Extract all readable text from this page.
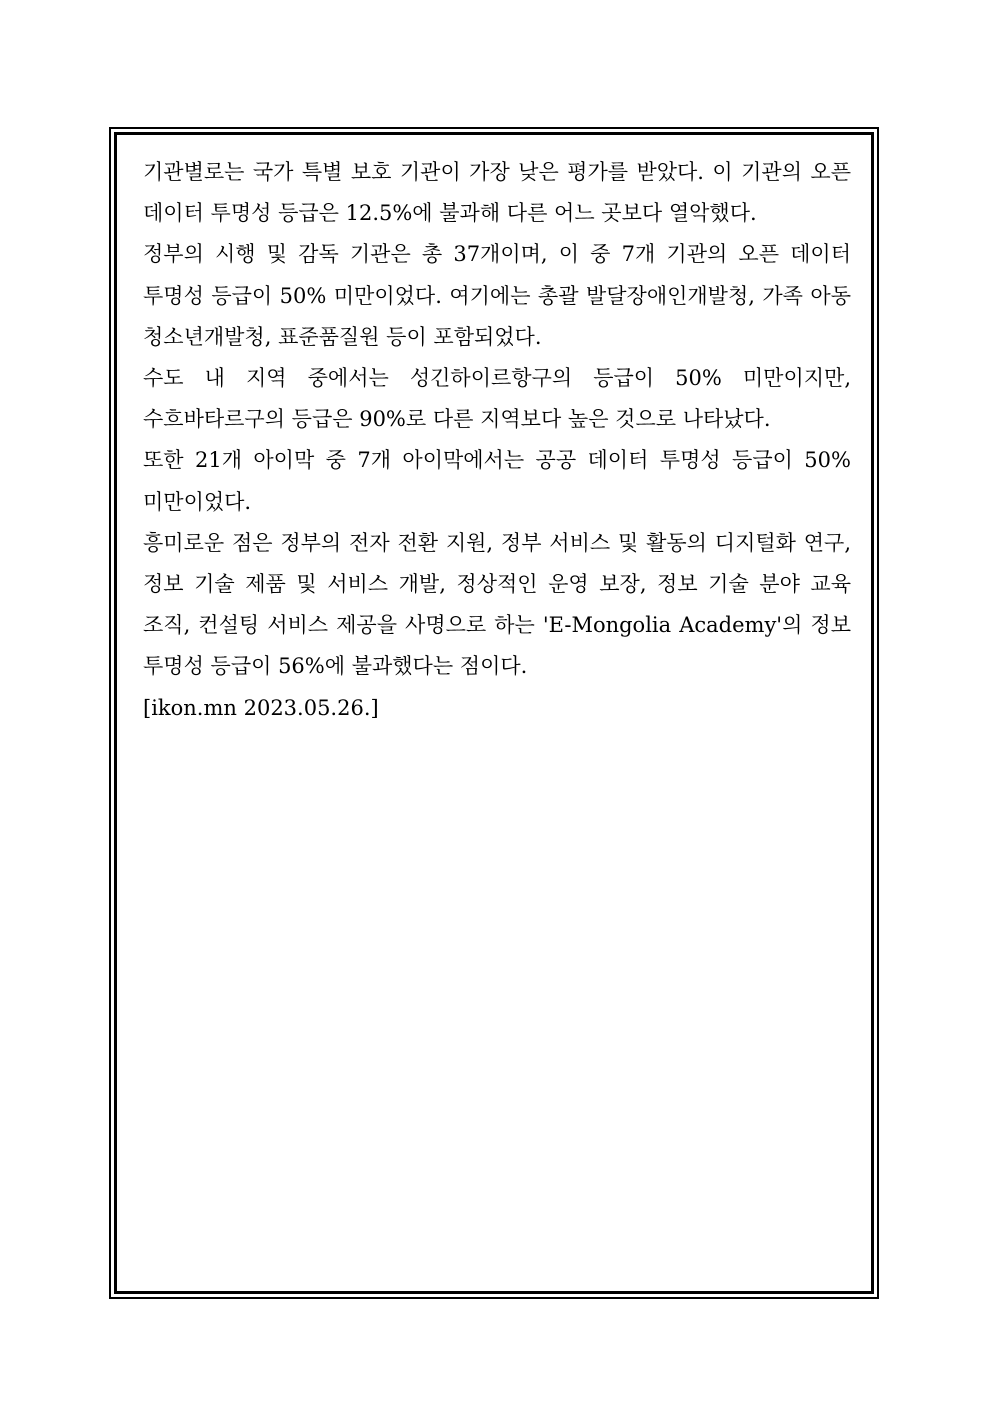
기관별로는 국가 특별 보호 기관이 가장 낮은 평가를 받았다. 이 기관의 오픈 데이터 투명성 등급은 12.5%에 불과해 다른 어느 곳보다 열악했다.

정부의 시행 및 감독 기관은 총 37개이며, 이 중 7개 기관의 오픈 데이터 투명성 등급이 50% 미만이었다. 여기에는 총괄 발달장애인개발청, 가족 아동 청소년개발청, 표준품질원 등이 포함되었다.

수도 내 지역 중에서는 성긴하이르항구의 등급이 50% 미만이지만, 수흐바타르구의 등급은 90%로 다른 지역보다 높은 것으로 나타났다.

또한 21개 아이막 중 7개 아이막에서는 공공 데이터 투명성 등급이 50% 미만이었다.

흥미로운 점은 정부의 전자 전환 지원, 정부 서비스 및 활동의 디지털화 연구, 정보 기술 제품 및 서비스 개발, 정상적인 운영 보장, 정보 기술 분야 교육 조직, 컨설팅 서비스 제공을 사명으로 하는 'E-Mongolia Academy'의 정보 투명성 등급이 56%에 불과했다는 점이다.

[ikon.mn 2023.05.26.]
